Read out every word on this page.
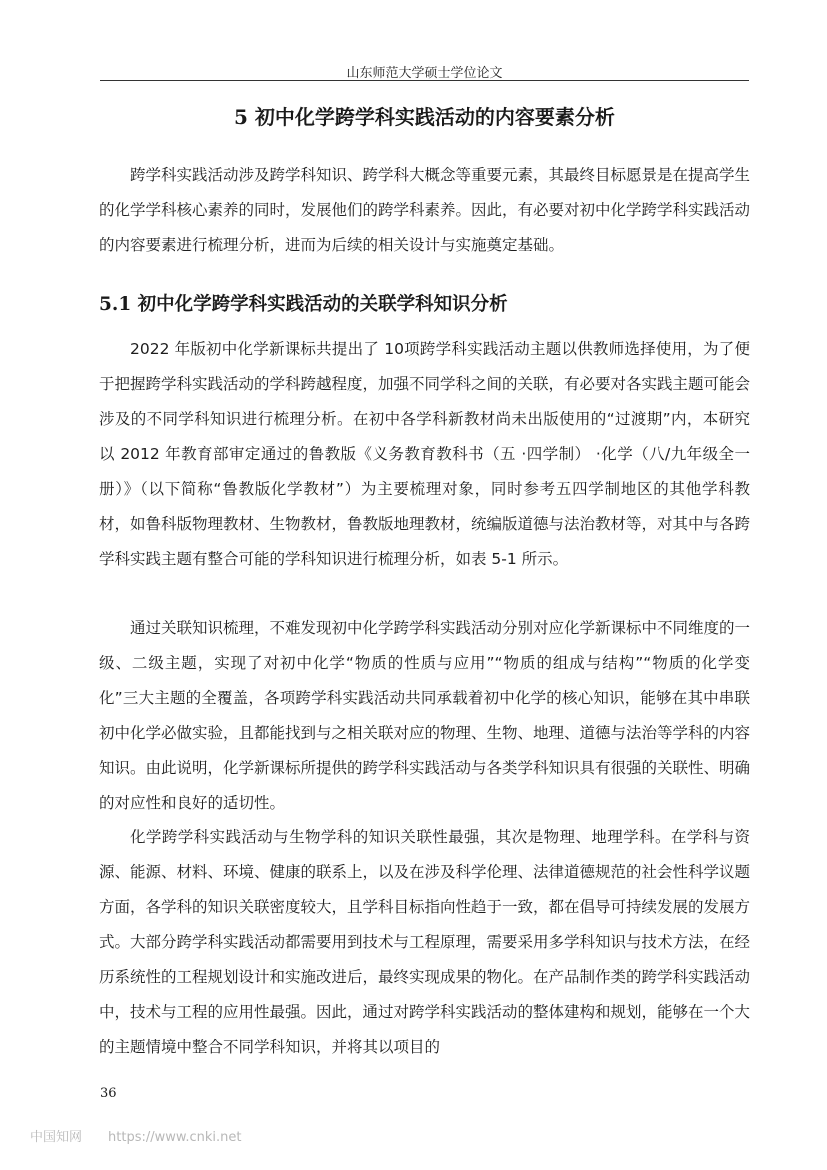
山东师范大学硕士学位论文
5 初中化学跨学科实践活动的内容要素分析

跨学科实践活动涉及跨学科知识、跨学科大概念等重要元素，其最终目标愿景是在提高学生的化学学科核心素养的同时，发展他们的跨学科素养。因此，有必要对初中化学跨学科实践活动的内容要素进行梳理分析，进而为后续的相关设计与实施奠定基础。

5.1 初中化学跨学科实践活动的关联学科知识分析

2022 年版初中化学新课标共提出了 10项跨学科实践活动主题以供教师选择使用，为了便于把握跨学科实践活动的学科跨越程度，加强不同学科之间的关联，有必要对各实践主题可能会涉及的不同学科知识进行梳理分析。在初中各学科新教材尚未出版使用的“过渡期”内，本研究以 2012 年教育部审定通过的鲁教版《义务教育教科书（五 ·四学制） ·化学（八/九年级全一册）》（以下简称“鲁教版化学教材”）为主要梳理对象，同时参考五四学制地区的其他学科教材，如鲁科版物理教材、生物教材，鲁教版地理教材，统编版道德与法治教材等，对其中与各跨学科实践主题有整合可能的学科知识进行梳理分析，如表 5-1 所示。

通过关联知识梳理，不难发现初中化学跨学科实践活动分别对应化学新课标中不同维度的一级、二级主题，实现了对初中化学“物质的性质与应用”“物质的组成与结构”“物质的化学变化”三大主题的全覆盖，各项跨学科实践活动共同承载着初中化学的核心知识，能够在其中串联初中化学必做实验，且都能找到与之相关联对应的物理、生物、地理、道德与法治等学科的内容知识。由此说明，化学新课标所提供的跨学科实践活动与各类学科知识具有很强的关联性、明确的对应性和良好的适切性。

化学跨学科实践活动与生物学科的知识关联性最强，其次是物理、地理学科。在学科与资源、能源、材料、环境、健康的联系上，以及在涉及科学伦理、法律道德规范的社会性科学议题方面，各学科的知识关联密度较大，且学科目标指向性趋于一致，都在倡导可持续发展的发展方式。大部分跨学科实践活动都需要用到技术与工程原理，需要采用多学科知识与技术方法，在经历系统性的工程规划设计和实施改进后，最终实现成果的物化。在产品制作类的跨学科实践活动中，技术与工程的应用性最强。因此，通过对跨学科实践活动的整体建构和规划，能够在一个大的主题情境中整合不同学科知识，并将其以项目的

36
中国知网 https://www.cnki.net
